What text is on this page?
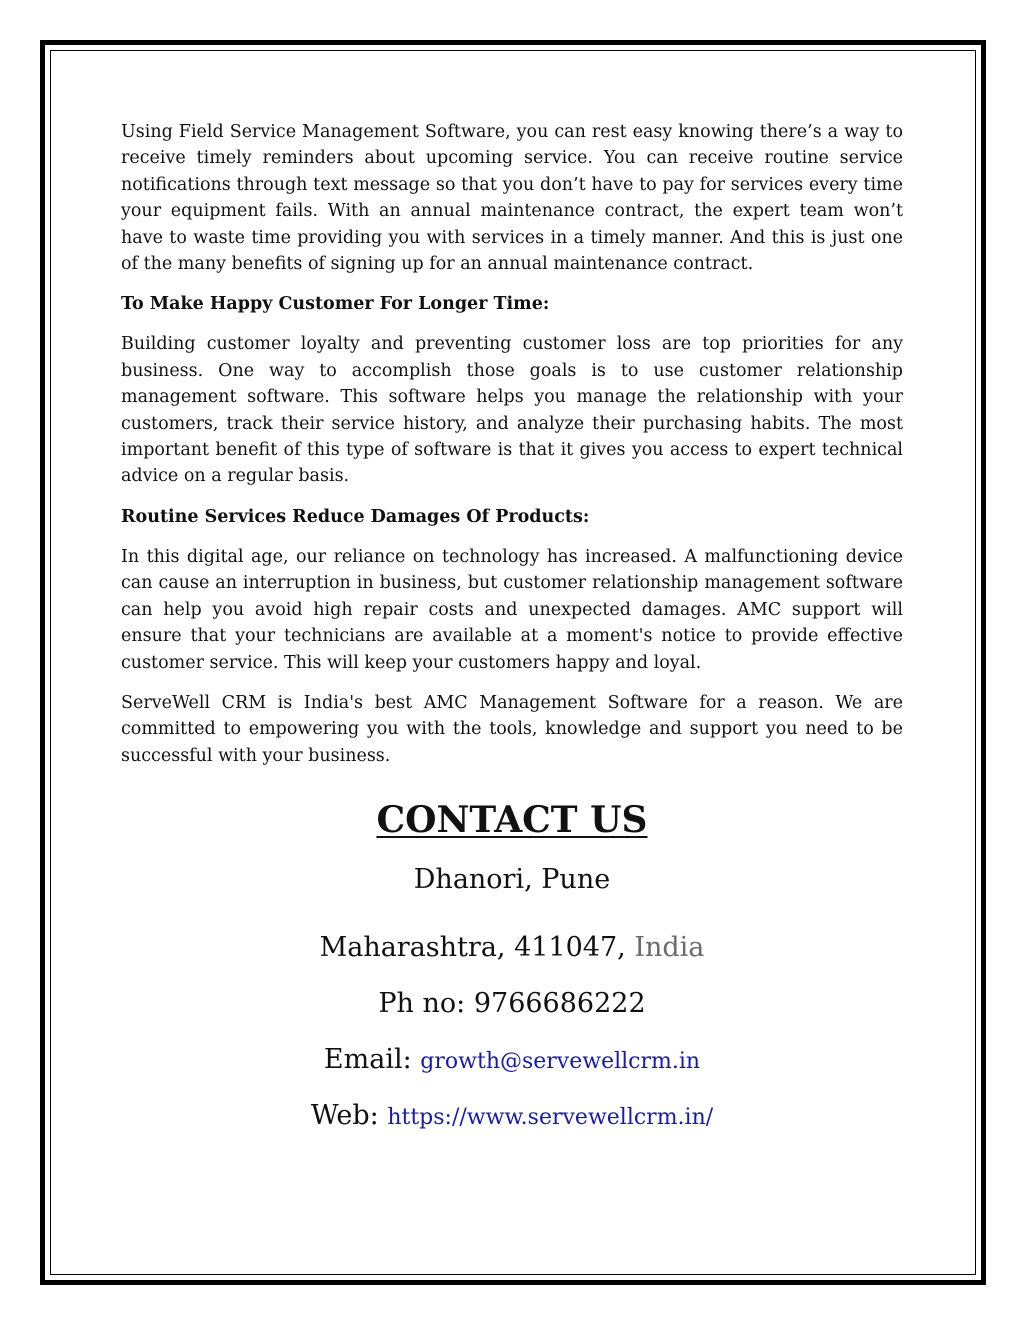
Using Field Service Management Software, you can rest easy knowing there’s a way to receive timely reminders about upcoming service. You can receive routine service notifications through text message so that you don’t have to pay for services every time your equipment fails. With an annual maintenance contract, the expert team won’t have to waste time providing you with services in a timely manner. And this is just one of the many benefits of signing up for an annual maintenance contract.

To Make Happy Customer For Longer Time:

Building customer loyalty and preventing customer loss are top priorities for any business. One way to accomplish those goals is to use customer relationship management software. This software helps you manage the relationship with your customers, track their service history, and analyze their purchasing habits. The most important benefit of this type of software is that it gives you access to expert technical advice on a regular basis.

Routine Services Reduce Damages Of Products:

In this digital age, our reliance on technology has increased. A malfunctioning device can cause an interruption in business, but customer relationship management software can help you avoid high repair costs and unexpected damages. AMC support will ensure that your technicians are available at a moment's notice to provide effective customer service. This will keep your customers happy and loyal.

ServeWell CRM is India's best AMC Management Software for a reason. We are committed to empowering you with the tools, knowledge and support you need to be successful with your business.

CONTACT US
Dhanori, Pune
Maharashtra, 411047, India
Ph no: 9766686222
Email: growth@servewellcrm.in
Web: https://www.servewellcrm.in/
